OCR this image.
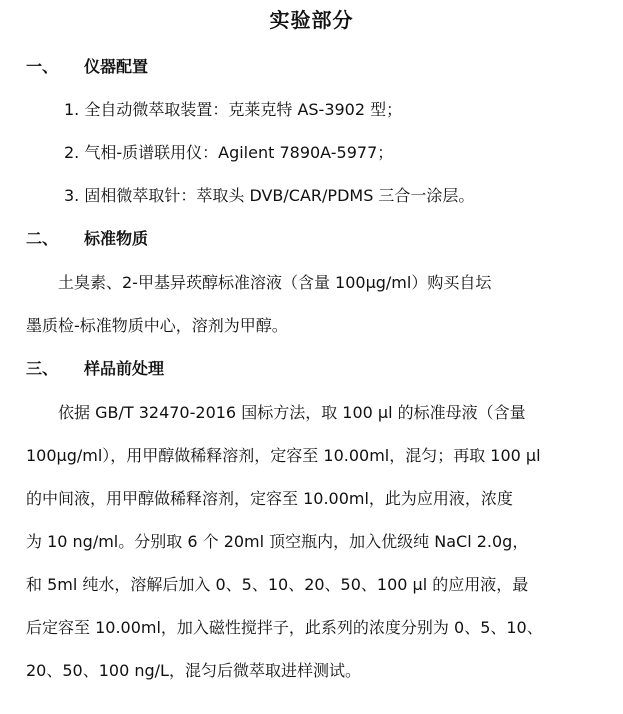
实验部分
一、 仪器配置
1. 全自动微萃取装置：克莱克特 AS-3902 型；
2. 气相-质谱联用仪：Agilent 7890A-5977；
3. 固相微萃取针：萃取头 DVB/CAR/PDMS 三合一涂层。
二、 标准物质
　　土臭素、2-甲基异莰醇标准溶液（含量 100μg/ml）购买自坛
墨质检-标准物质中心，溶剂为甲醇。
三、 样品前处理
　　依据 GB/T 32470-2016 国标方法，取 100 μl 的标准母液（含量
100μg/ml），用甲醇做稀释溶剂，定容至 10.00ml，混匀；再取 100 μl
的中间液，用甲醇做稀释溶剂，定容至 10.00ml，此为应用液，浓度
为 10 ng/ml。分别取 6 个 20ml 顶空瓶内，加入优级纯 NaCl 2.0g，
和 5ml 纯水，溶解后加入 0、5、10、20、50、100 μl 的应用液，最
后定容至 10.00ml，加入磁性搅拌子，此系列的浓度分别为 0、5、10、
20、50、100 ng/L，混匀后微萃取进样测试。
